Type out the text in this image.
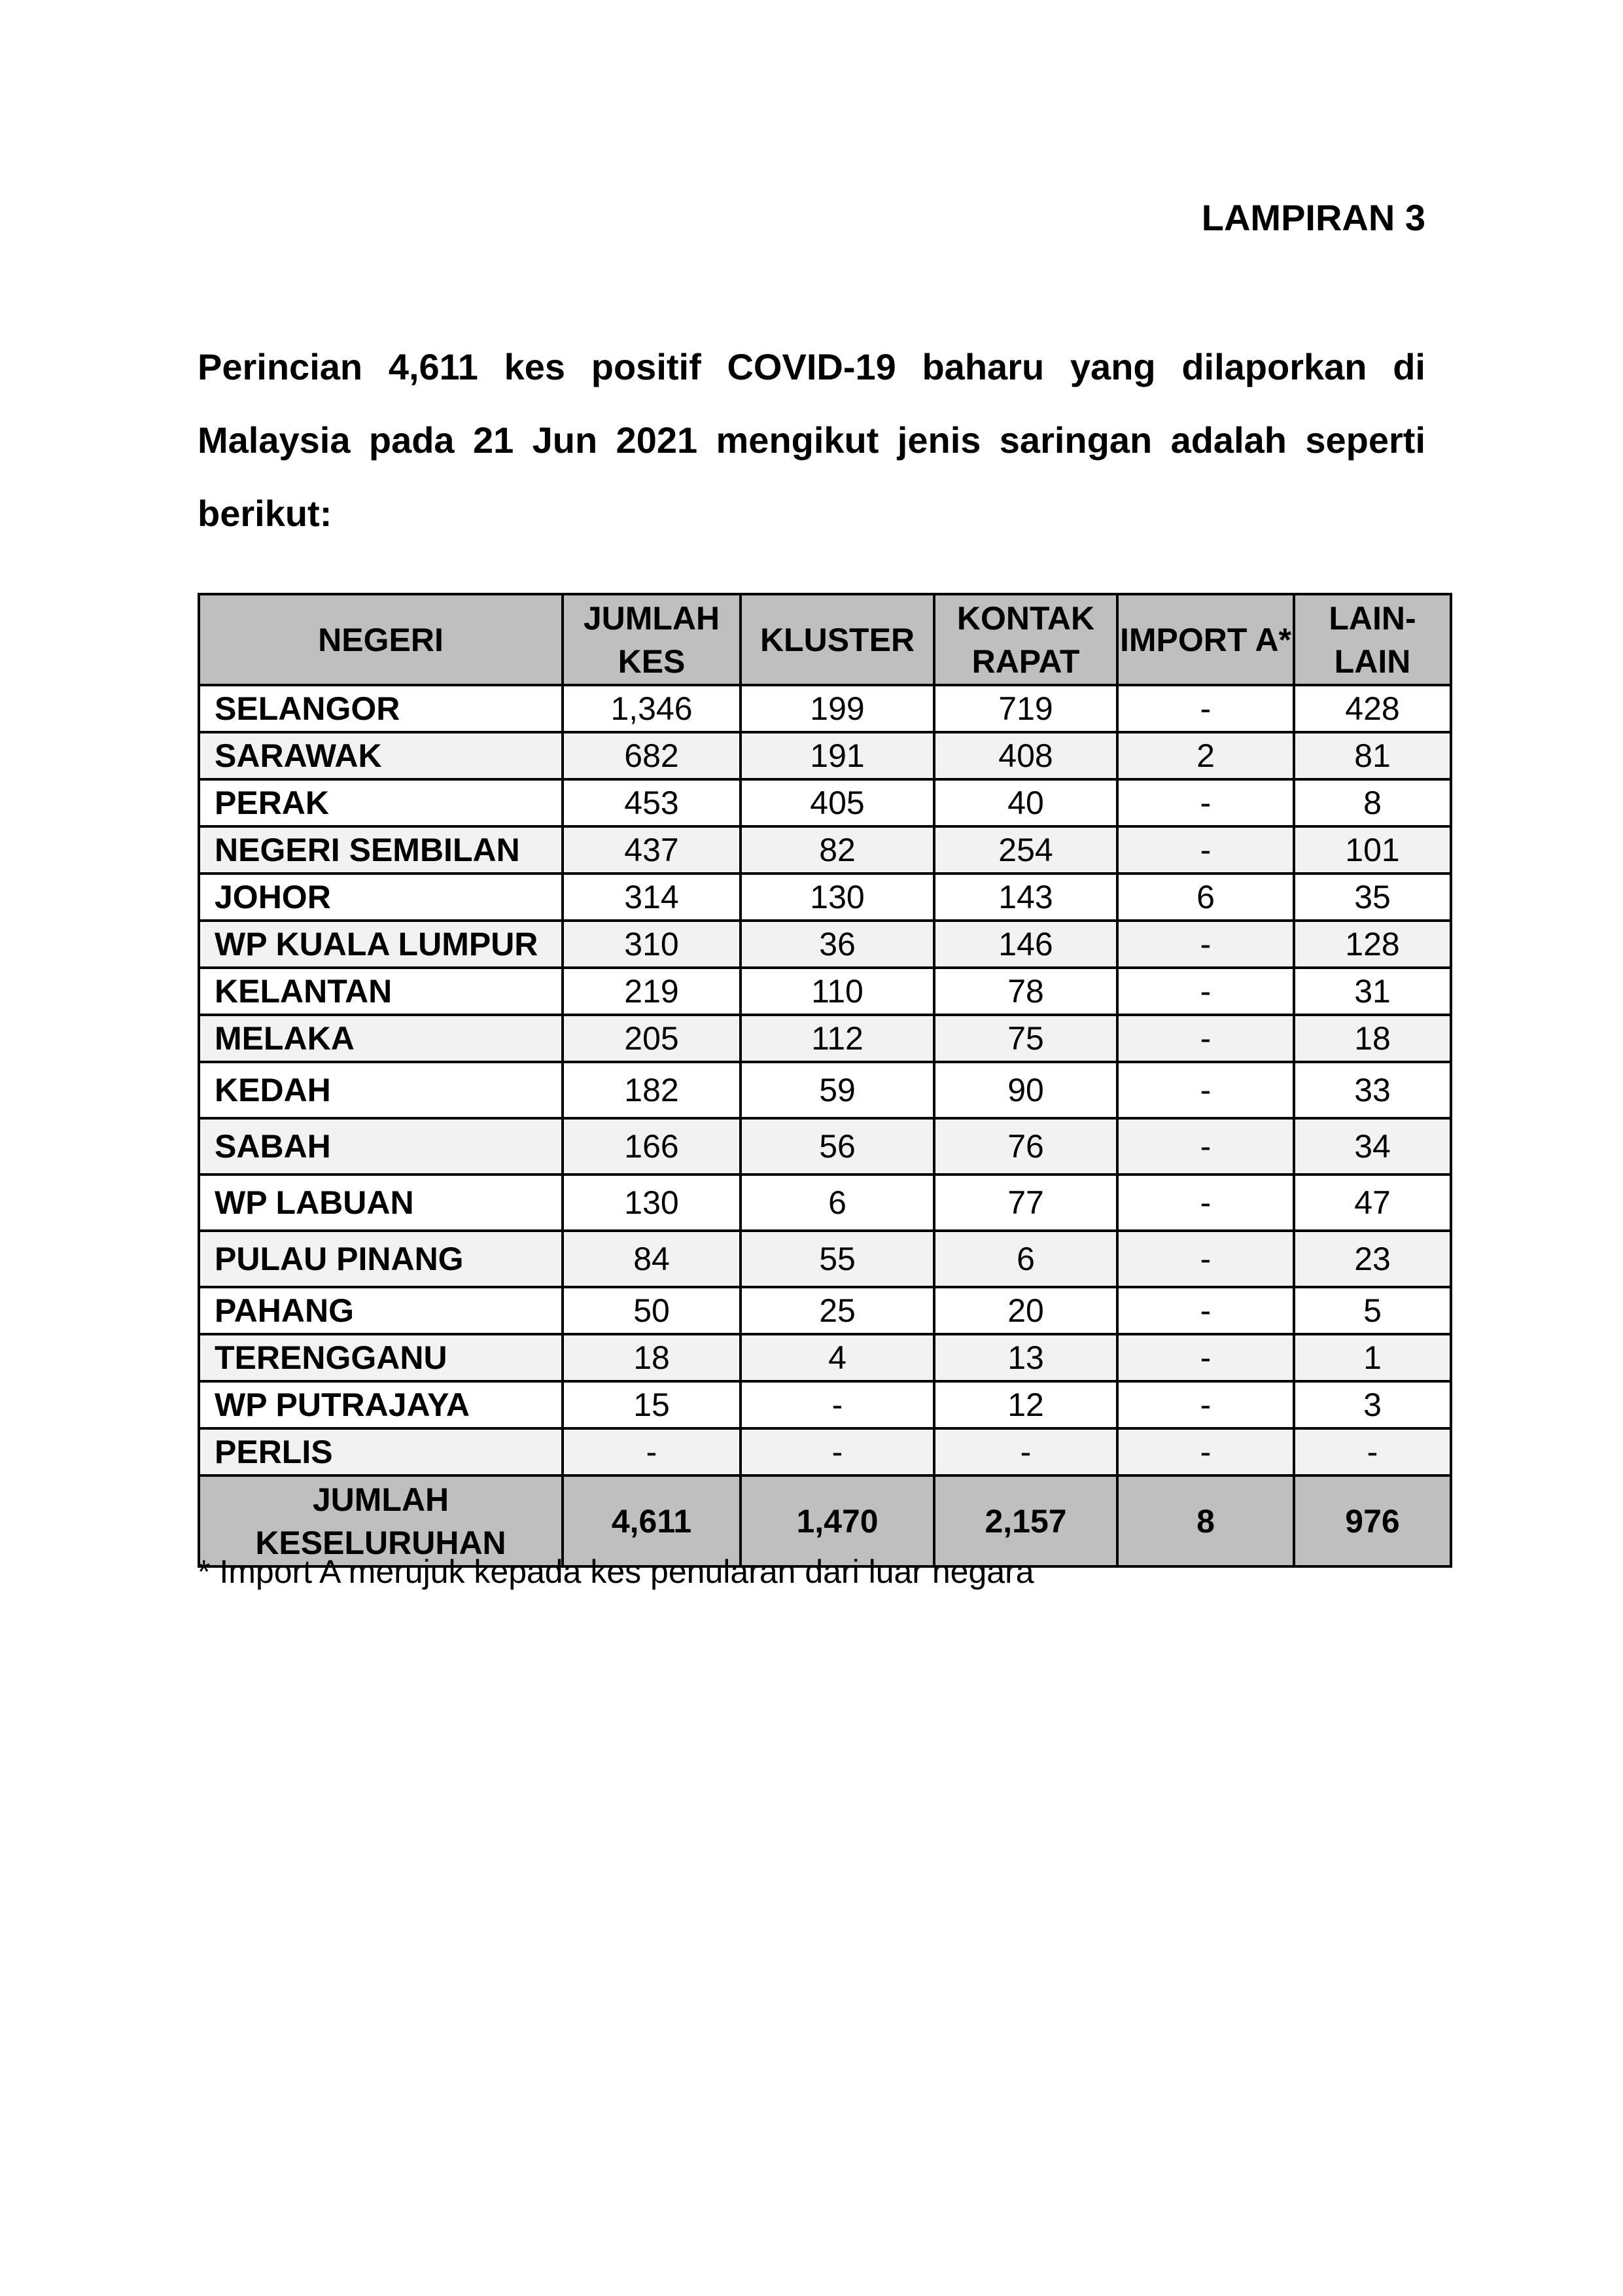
LAMPIRAN 3

Perincian 4,611 kes positif COVID-19 baharu yang dilaporkan di Malaysia pada 21 Jun 2021 mengikut jenis saringan adalah seperti berikut:

NEGERI	JUMLAH KES	KLUSTER	KONTAK RAPAT	IMPORT A*	LAIN-LAIN
SELANGOR	1,346	199	719	-	428
SARAWAK	682	191	408	2	81
PERAK	453	405	40	-	8
NEGERI SEMBILAN	437	82	254	-	101
JOHOR	314	130	143	6	35
WP KUALA LUMPUR	310	36	146	-	128
KELANTAN	219	110	78	-	31
MELAKA	205	112	75	-	18
KEDAH	182	59	90	-	33
SABAH	166	56	76	-	34
WP LABUAN	130	6	77	-	47
PULAU PINANG	84	55	6	-	23
PAHANG	50	25	20	-	5
TERENGGANU	18	4	13	-	1
WP PUTRAJAYA	15	-	12	-	3
PERLIS	-	-	-	-	-
JUMLAH KESELURUHAN	4,611	1,470	2,157	8	976
* Import A merujuk kepada kes penularan dari luar negara
